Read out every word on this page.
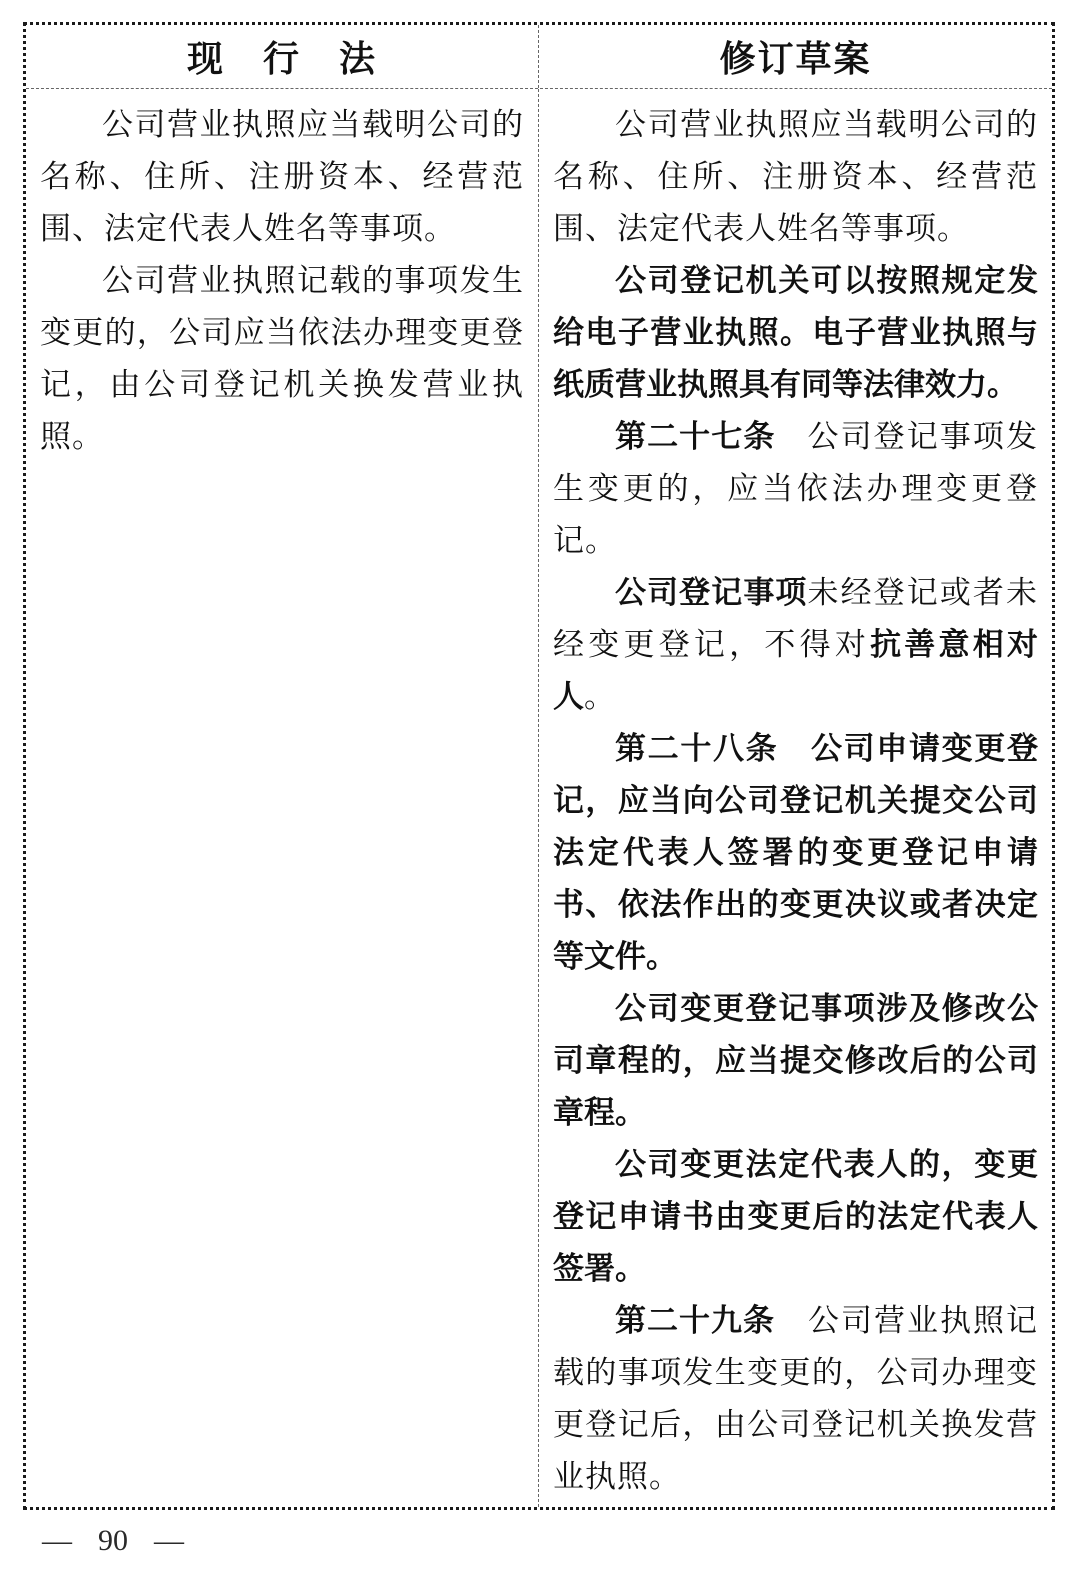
现　行　法	修订草案

公司营业执照应当载明公司的名称、住所、注册资本、经营范围、法定代表人姓名等事项。

公司营业执照记载的事项发生变更的，公司应当依法办理变更登记，由公司登记机关换发营业执照。

公司营业执照应当载明公司的名称、住所、注册资本、经营范围、法定代表人姓名等事项。

公司登记机关可以按照规定发给电子营业执照。电子营业执照与纸质营业执照具有同等法律效力。

第二十七条　公司登记事项发生变更的，应当依法办理变更登记。

公司登记事项未经登记或者未经变更登记，不得对抗善意相对人。

第二十八条　公司申请变更登记，应当向公司登记机关提交公司法定代表人签署的变更登记申请书、依法作出的变更决议或者决定等文件。

公司变更登记事项涉及修改公司章程的，应当提交修改后的公司章程。

公司变更法定代表人的，变更登记申请书由变更后的法定代表人签署。

第二十九条　公司营业执照记载的事项发生变更的，公司办理变更登记后，由公司登记机关换发营业执照。

— 90 —
